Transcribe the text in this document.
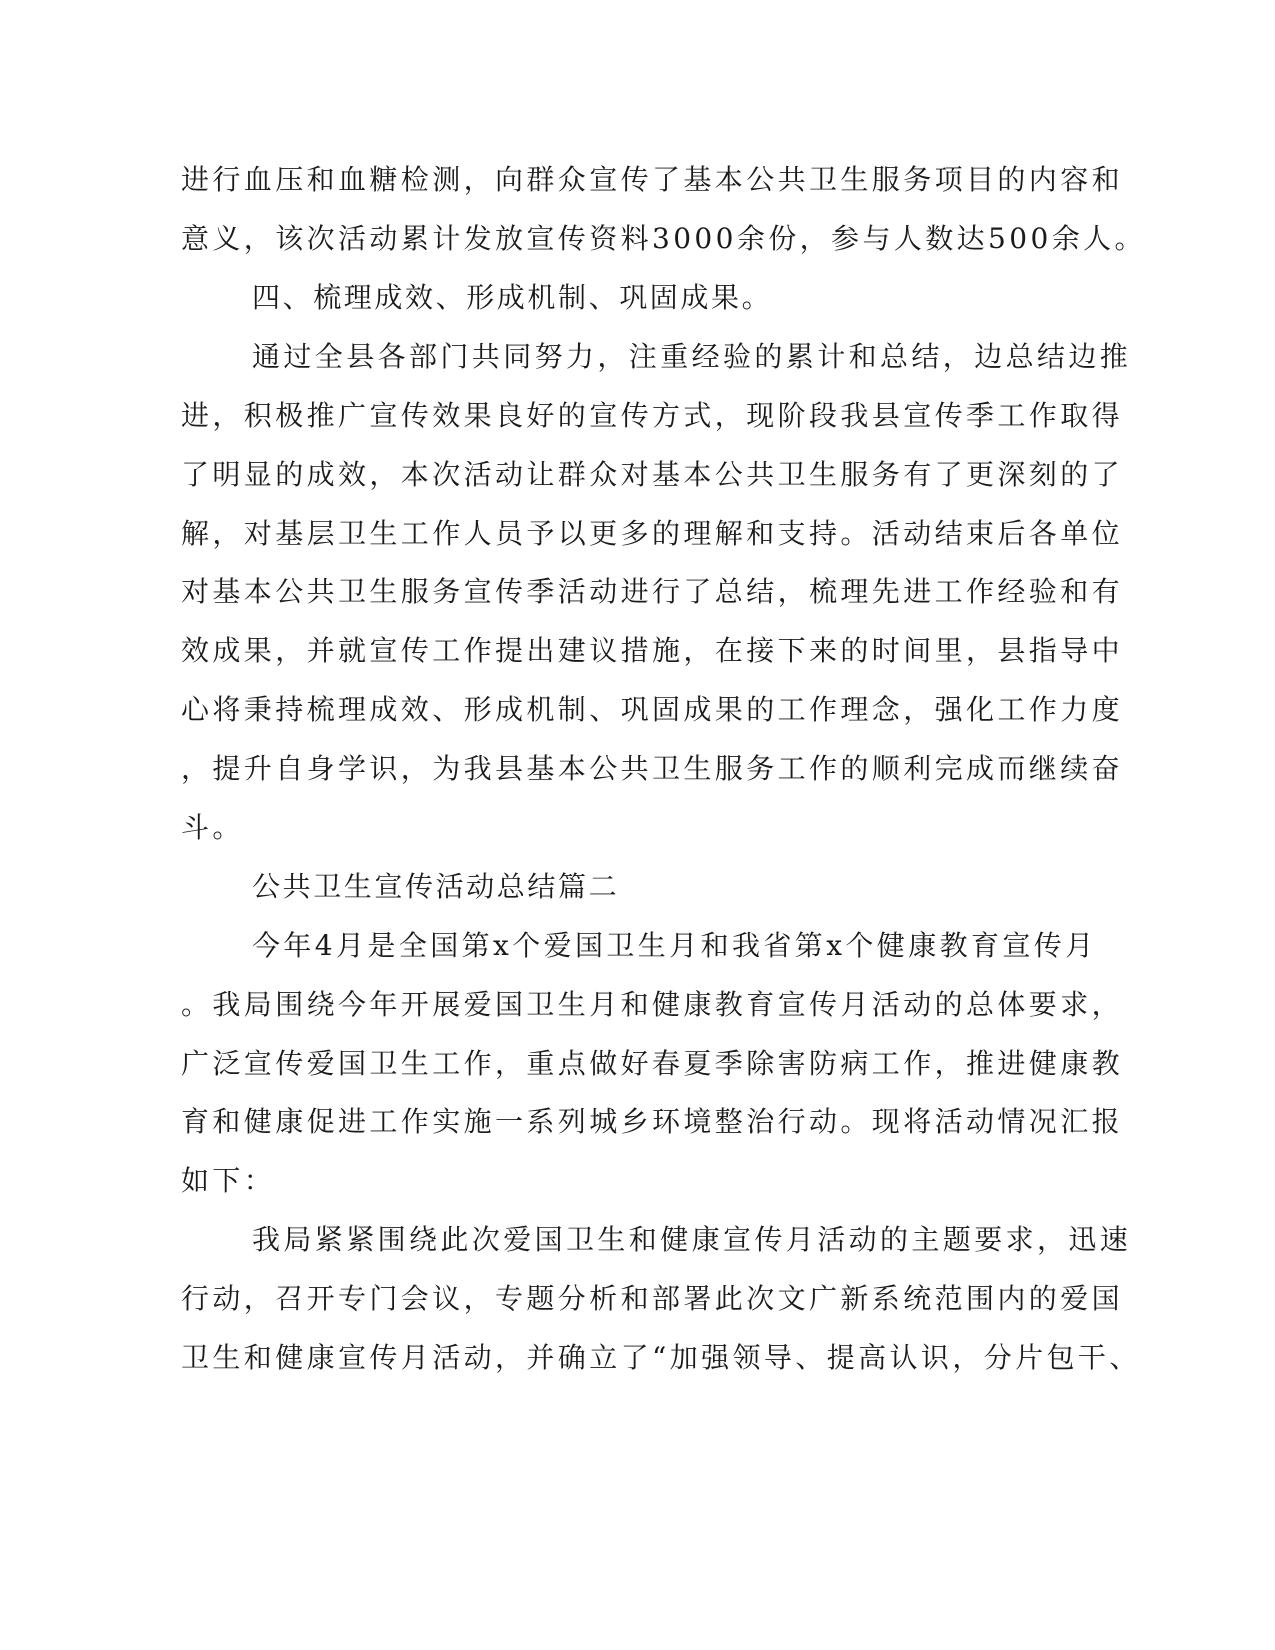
进行血压和血糖检测，向群众宣传了基本公共卫生服务项目的内容和
意义，该次活动累计发放宣传资料3000余份，参与人数达500余人。
四、梳理成效、形成机制、巩固成果。
通过全县各部门共同努力，注重经验的累计和总结，边总结边推
进，积极推广宣传效果良好的宣传方式，现阶段我县宣传季工作取得
了明显的成效，本次活动让群众对基本公共卫生服务有了更深刻的了
解，对基层卫生工作人员予以更多的理解和支持。活动结束后各单位
对基本公共卫生服务宣传季活动进行了总结，梳理先进工作经验和有
效成果，并就宣传工作提出建议措施，在接下来的时间里，县指导中
心将秉持梳理成效、形成机制、巩固成果的工作理念，强化工作力度
，提升自身学识，为我县基本公共卫生服务工作的顺利完成而继续奋
斗。
公共卫生宣传活动总结篇二
今年4月是全国第x个爱国卫生月和我省第x个健康教育宣传月
。我局围绕今年开展爱国卫生月和健康教育宣传月活动的总体要求，
广泛宣传爱国卫生工作，重点做好春夏季除害防病工作，推进健康教
育和健康促进工作实施一系列城乡环境整治行动。现将活动情况汇报
如下：
我局紧紧围绕此次爱国卫生和健康宣传月活动的主题要求，迅速
行动，召开专门会议，专题分析和部署此次文广新系统范围内的爱国
卫生和健康宣传月活动，并确立了“加强领导、提高认识，分片包干、
